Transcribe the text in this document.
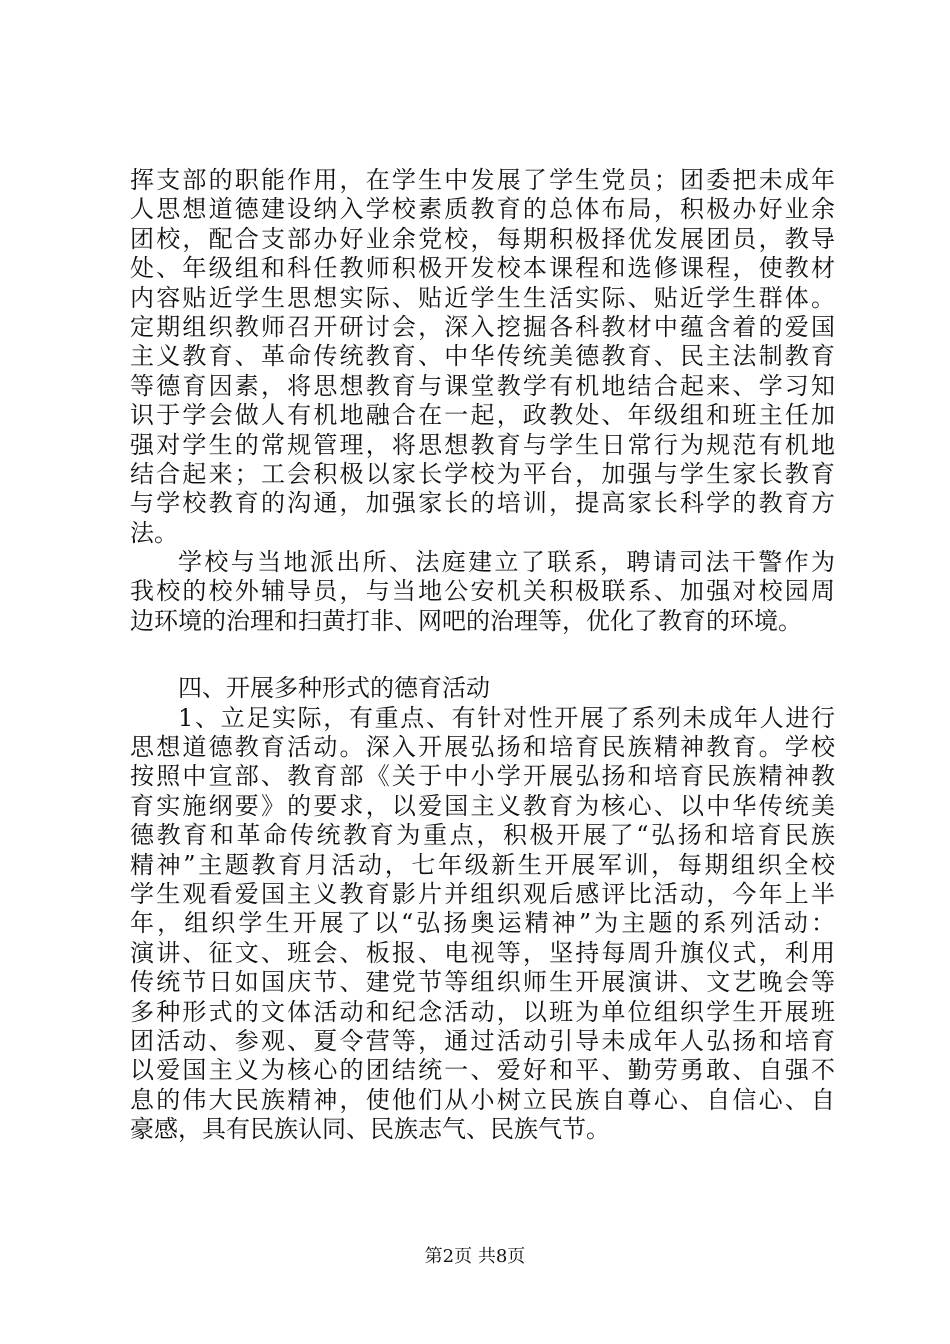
挥支部的职能作用，在学生中发展了学生党员；团委把未成年
人思想道德建设纳入学校素质教育的总体布局，积极办好业余
团校，配合支部办好业余党校，每期积极择优发展团员，教导
处、年级组和科任教师积极开发校本课程和选修课程，使教材
内容贴近学生思想实际、贴近学生生活实际、贴近学生群体。
定期组织教师召开研讨会，深入挖掘各科教材中蕴含着的爱国
主义教育、革命传统教育、中华传统美德教育、民主法制教育
等德育因素，将思想教育与课堂教学有机地结合起来、学习知
识于学会做人有机地融合在一起，政教处、年级组和班主任加
强对学生的常规管理，将思想教育与学生日常行为规范有机地
结合起来；工会积极以家长学校为平台，加强与学生家长教育
与学校教育的沟通，加强家长的培训，提高家长科学的教育方
法。
学校与当地派出所、法庭建立了联系，聘请司法干警作为
我校的校外辅导员，与当地公安机关积极联系、加强对校园周
边环境的治理和扫黄打非、网吧的治理等，优化了教育的环境。
四、开展多种形式的德育活动
1、立足实际，有重点、有针对性开展了系列未成年人进行
思想道德教育活动。深入开展弘扬和培育民族精神教育。学校
按照中宣部、教育部《关于中小学开展弘扬和培育民族精神教
育实施纲要》的要求，以爱国主义教育为核心、以中华传统美
德教育和革命传统教育为重点，积极开展了“弘扬和培育民族
精神”主题教育月活动，七年级新生开展军训，每期组织全校
学生观看爱国主义教育影片并组织观后感评比活动，今年上半
年，组织学生开展了以“弘扬奥运精神”为主题的系列活动：
演讲、征文、班会、板报、电视等，坚持每周升旗仪式，利用
传统节日如国庆节、建党节等组织师生开展演讲、文艺晚会等
多种形式的文体活动和纪念活动，以班为单位组织学生开展班
团活动、参观、夏令营等，通过活动引导未成年人弘扬和培育
以爱国主义为核心的团结统一、爱好和平、勤劳勇敢、自强不
息的伟大民族精神，使他们从小树立民族自尊心、自信心、自
豪感，具有民族认同、民族志气、民族气节。
第2页 共8页
